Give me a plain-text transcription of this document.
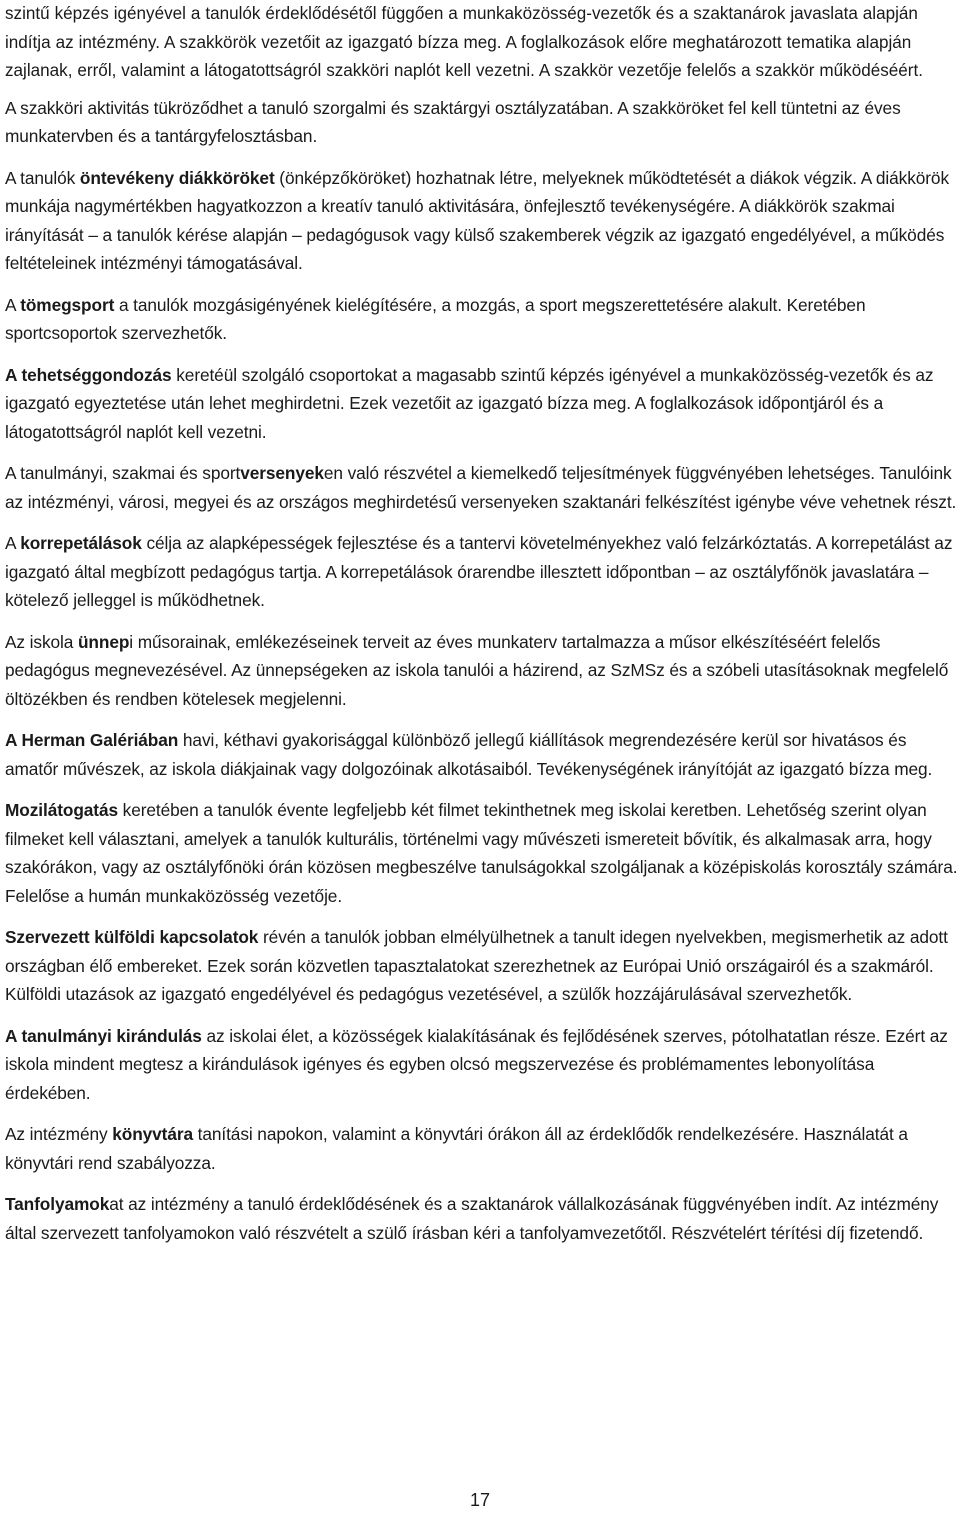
szintű képzés igényével a tanulók érdeklődésétől függően a munkaközösség-vezetők és a szaktanárok javaslata alapján indítja az intézmény. A szakkörök vezetőit az igazgató bízza meg. A foglalkozások előre meghatározott tematika alapján zajlanak, erről, valamint a látogatottságról szakköri naplót kell vezetni. A szakkör vezetője felelős a szakkör működéséért.

A szakköri aktivitás tükröződhet a tanuló szorgalmi és szaktárgyi osztályzatában. A szakköröket fel kell tüntetni az éves munkatervben és a tantárgyfelosztásban.

A tanulók öntevékeny diákköröket (önképzőköröket) hozhatnak létre, melyeknek működtetését a diákok végzik. A diákkörök munkája nagymértékben hagyatkozzon a kreatív tanuló aktivitására, önfejlesztő tevékenységére. A diákkörök szakmai irányítását – a tanulók kérése alapján – pedagógusok vagy külső szakemberek végzik az igazgató engedélyével, a működés feltételeinek intézményi támogatásával.

A tömegsport a tanulók mozgásigényének kielégítésére, a mozgás, a sport megszerettetésére alakult. Keretében sportcsoportok szervezhetők.

A tehetséggondozás keretéül szolgáló csoportokat a magasabb szintű képzés igényével a munkaközösség-vezetők és az igazgató egyeztetése után lehet meghirdetni. Ezek vezetőit az igazgató bízza meg. A foglalkozások időpontjáról és a látogatottságról naplót kell vezetni.

A tanulmányi, szakmai és sportversenyeken való részvétel a kiemelkedő teljesítmények függvényében lehetséges. Tanulóink az intézményi, városi, megyei és az országos meghirdetésű versenyeken szaktanári felkészítést igénybe véve vehetnek részt.

A korrepetálások célja az alapképességek fejlesztése és a tantervi követelményekhez való felzárkóztatás. A korrepetálást az igazgató által megbízott pedagógus tartja. A korrepetálások órarendbe illesztett időpontban – az osztályfőnök javaslatára – kötelező jelleggel is működhetnek.

Az iskola ünnepi műsorainak, emlékezéseinek terveit az éves munkaterv tartalmazza a műsor elkészítéséért felelős pedagógus megnevezésével. Az ünnepségeken az iskola tanulói a házirend, az SzMSz és a szóbeli utasításoknak megfelelő öltözékben és rendben kötelesek megjelenni.

A Herman Galériában havi, kéthavi gyakorisággal különböző jellegű kiállítások megrendezésére kerül sor hivatásos és amatőr művészek, az iskola diákjainak vagy dolgozóinak alkotásaiból. Tevékenységének irányítóját az igazgató bízza meg.

Mozilátogatás keretében a tanulók évente legfeljebb két filmet tekinthetnek meg iskolai keretben. Lehetőség szerint olyan filmeket kell választani, amelyek a tanulók kulturális, történelmi vagy művészeti ismereteit bővítik, és alkalmasak arra, hogy szakórákon, vagy az osztályfőnöki órán közösen megbeszélve tanulságokkal szolgáljanak a középiskolás korosztály számára. Felelőse a humán munkaközösség vezetője.

Szervezett külföldi kapcsolatok révén a tanulók jobban elmélyülhetnek a tanult idegen nyelvekben, megismerhetik az adott országban élő embereket. Ezek során közvetlen tapasztalatokat szerezhetnek az Európai Unió országairól és a szakmáról. Külföldi utazások az igazgató engedélyével és pedagógus vezetésével, a szülők hozzájárulásával szervezhetők.

A tanulmányi kirándulás az iskolai élet, a közösségek kialakításának és fejlődésének szerves, pótolhatatlan része. Ezért az iskola mindent megtesz a kirándulások igényes és egyben olcsó megszervezése és problémamentes lebonyolítása érdekében.

Az intézmény könyvtára tanítási napokon, valamint a könyvtári órákon áll az érdeklődők rendelkezésére. Használatát a könyvtári rend szabályozza.

Tanfolyamokat az intézmény a tanuló érdeklődésének és a szaktanárok vállalkozásának függvényében indít. Az intézmény által szervezett tanfolyamokon való részvételt a szülő írásban kéri a tanfolyamvezetőtől. Részvételért térítési díj fizetendő.

17
